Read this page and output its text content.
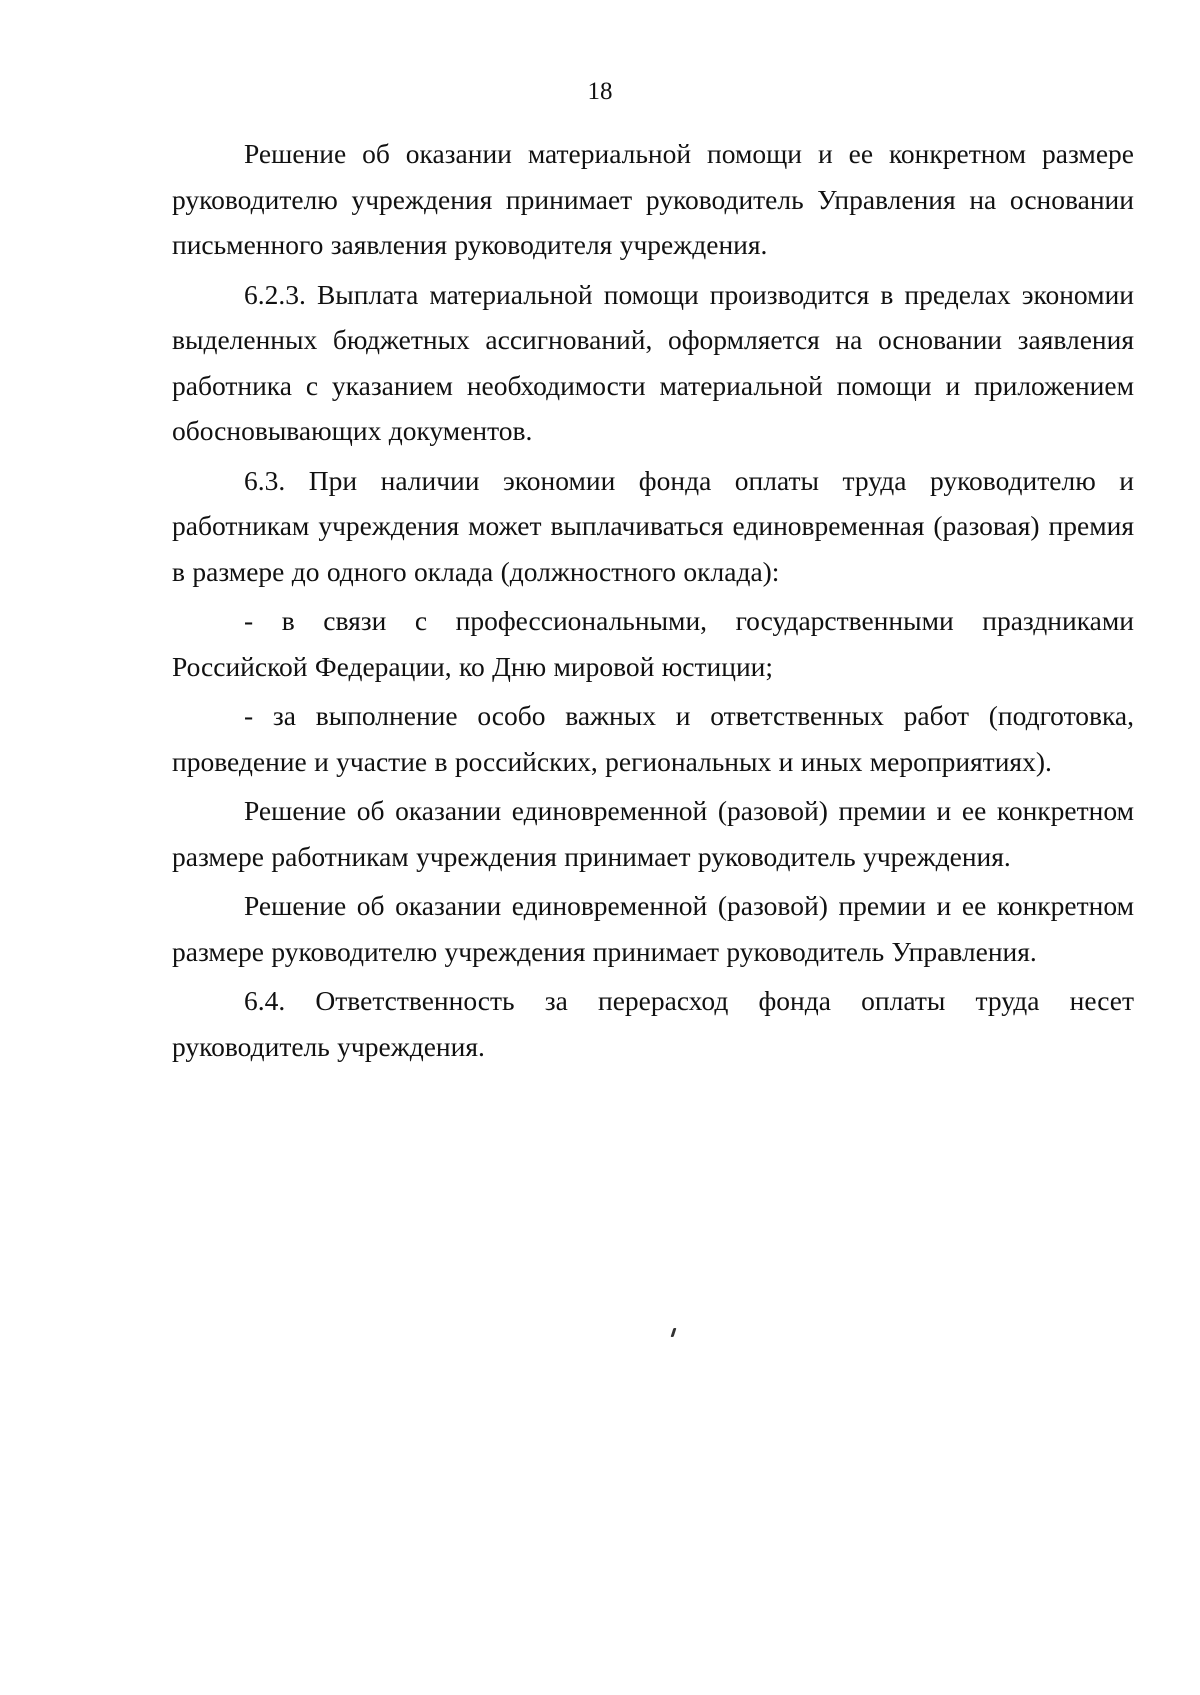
18

Решение об оказании материальной помощи и ее конкретном размере руководителю учреждения принимает руководитель Управления на основании письменного заявления руководителя учреждения.

6.2.3. Выплата материальной помощи производится в пределах экономии выделенных бюджетных ассигнований, оформляется на основании заявления работника с указанием необходимости материальной помощи и приложением обосновывающих документов.

6.3. При наличии экономии фонда оплаты труда руководителю и работникам учреждения может выплачиваться единовременная (разовая) премия в размере до одного оклада (должностного оклада):

- в связи с профессиональными, государственными праздниками Российской Федерации, ко Дню мировой юстиции;

- за выполнение особо важных и ответственных работ (подготовка, проведение и участие в российских, региональных и иных мероприятиях).

Решение об оказании единовременной (разовой) премии и ее конкретном размере работникам учреждения принимает руководитель учреждения.

Решение об оказании единовременной (разовой) премии и ее конкретном размере руководителю учреждения принимает руководитель Управления.

6.4. Ответственность за перерасход фонда оплаты труда несет руководитель учреждения.
